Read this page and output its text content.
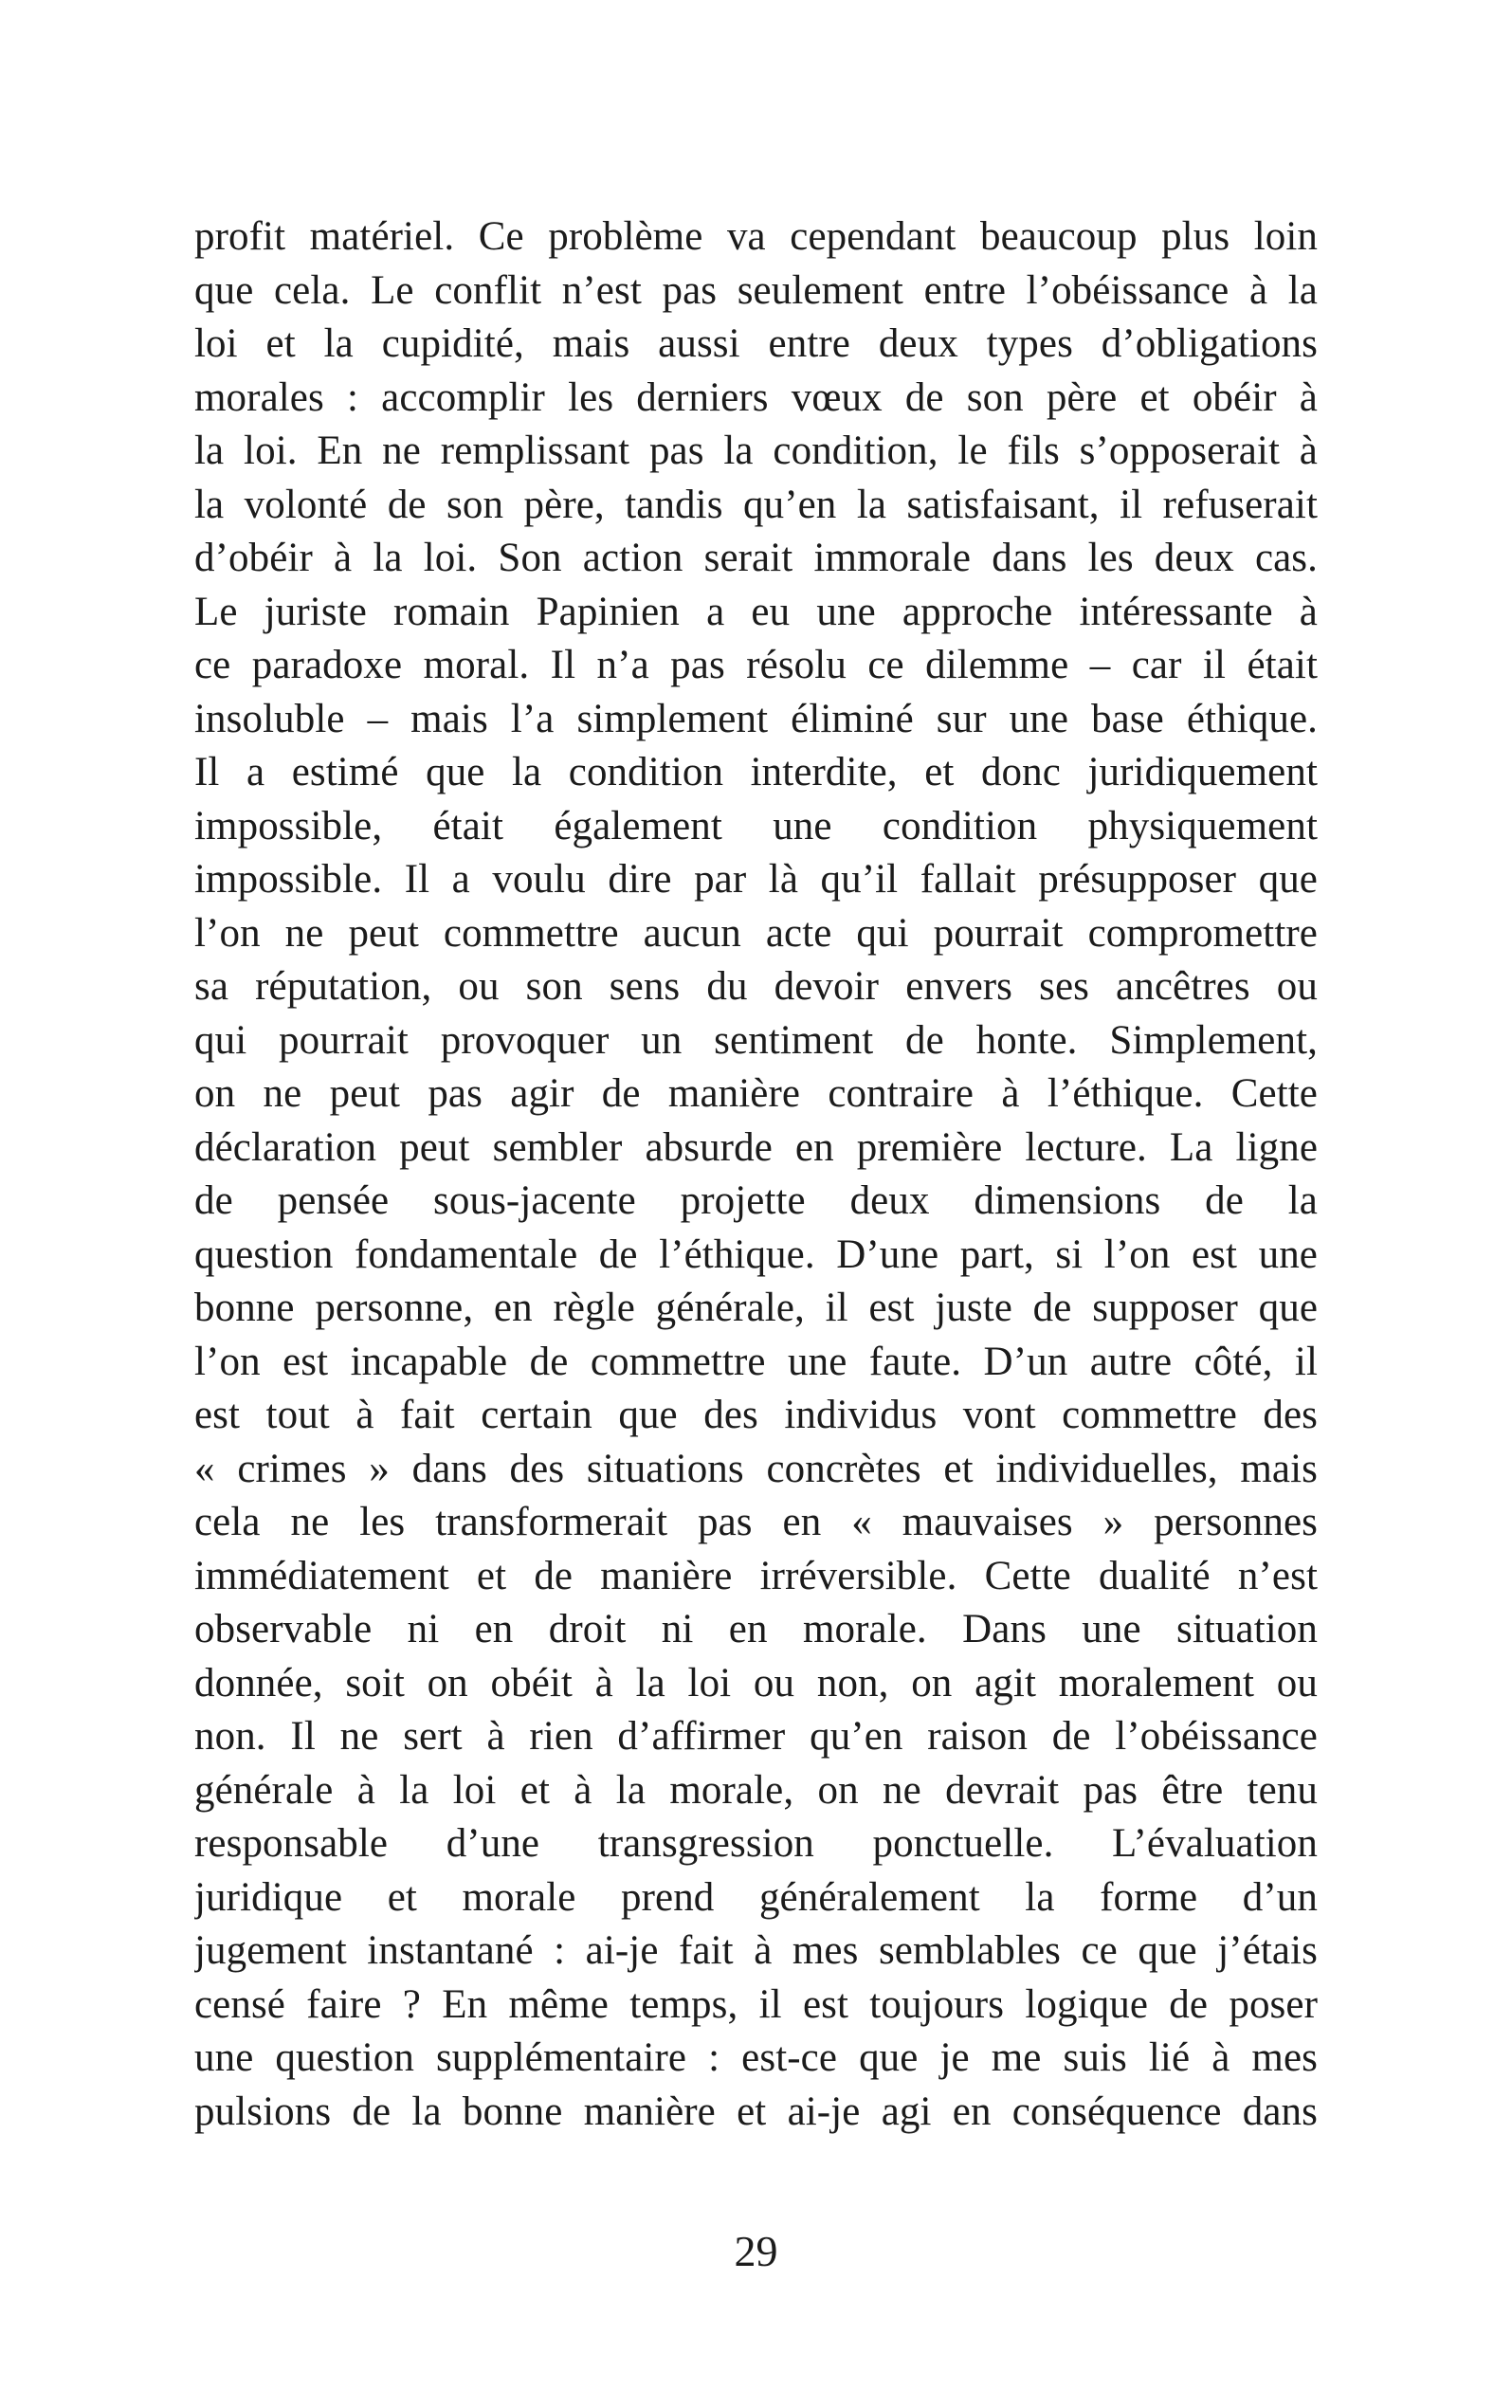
profit matériel. Ce problème va cependant beaucoup plus loin
que cela. Le conflit n’est pas seulement entre l’obéissance à la
loi et la cupidité, mais aussi entre deux types d’obligations
morales : accomplir les derniers vœux de son père et obéir à
la loi. En ne remplissant pas la condition, le fils s’opposerait à
la volonté de son père, tandis qu’en la satisfaisant, il refuserait
d’obéir à la loi. Son action serait immorale dans les deux cas.
Le juriste romain Papinien a eu une approche intéressante à
ce paradoxe moral. Il n’a pas résolu ce dilemme – car il était
insoluble – mais l’a simplement éliminé sur une base éthique.
Il a estimé que la condition interdite, et donc juridiquement
impossible, était également une condition physiquement
impossible. Il a voulu dire par là qu’il fallait présupposer que
l’on ne peut commettre aucun acte qui pourrait compromettre
sa réputation, ou son sens du devoir envers ses ancêtres ou
qui pourrait provoquer un sentiment de honte. Simplement,
on ne peut pas agir de manière contraire à l’éthique. Cette
déclaration peut sembler absurde en première lecture. La ligne
de pensée sous-jacente projette deux dimensions de la
question fondamentale de l’éthique. D’une part, si l’on est une
bonne personne, en règle générale, il est juste de supposer que
l’on est incapable de commettre une faute. D’un autre côté, il
est tout à fait certain que des individus vont commettre des
« crimes » dans des situations concrètes et individuelles, mais
cela ne les transformerait pas en « mauvaises » personnes
immédiatement et de manière irréversible. Cette dualité n’est
observable ni en droit ni en morale. Dans une situation
donnée, soit on obéit à la loi ou non, on agit moralement ou
non. Il ne sert à rien d’affirmer qu’en raison de l’obéissance
générale à la loi et à la morale, on ne devrait pas être tenu
responsable d’une transgression ponctuelle. L’évaluation
juridique et morale prend généralement la forme d’un
jugement instantané : ai-je fait à mes semblables ce que j’étais
censé faire ? En même temps, il est toujours logique de poser
une question supplémentaire : est-ce que je me suis lié à mes
pulsions de la bonne manière et ai-je agi en conséquence dans
29
